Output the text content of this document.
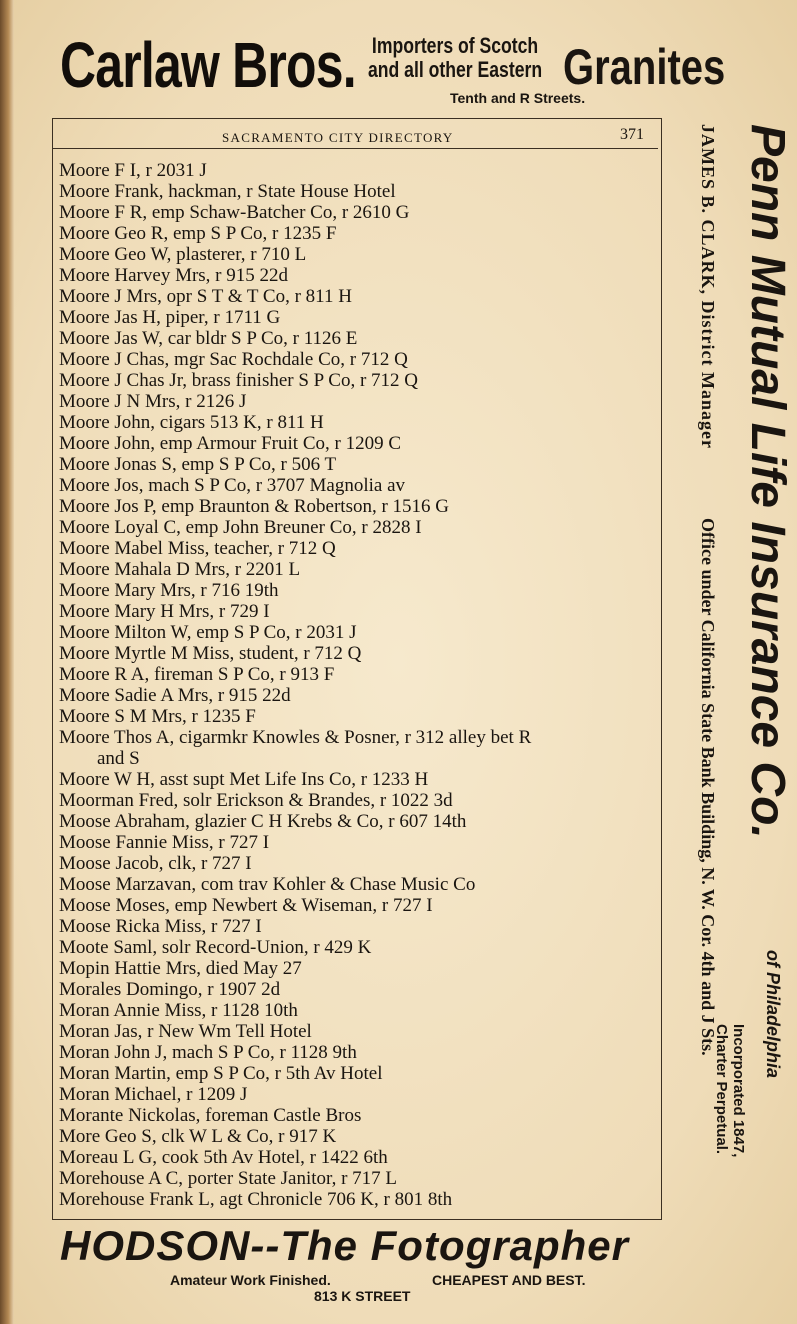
Carlaw Bros. Importers of Scotch
and all other Eastern Granites
Tenth and R Streets.
SACRAMENTO CITY DIRECTORY	371
Moore F I, r 2031 J
Moore Frank, hackman, r State House Hotel
Moore F R, emp Schaw-Batcher Co, r 2610 G
Moore Geo R, emp S P Co, r 1235 F
Moore Geo W, plasterer, r 710 L
Moore Harvey Mrs, r 915 22d
Moore J Mrs, opr S T & T Co, r 811 H
Moore Jas H, piper, r 1711 G
Moore Jas W, car bldr S P Co, r 1126 E
Moore J Chas, mgr Sac Rochdale Co, r 712 Q
Moore J Chas Jr, brass finisher S P Co, r 712 Q
Moore J N Mrs, r 2126 J
Moore John, cigars 513 K, r 811 H
Moore John, emp Armour Fruit Co, r 1209 C
Moore Jonas S, emp S P Co, r 506 T
Moore Jos, mach S P Co, r 3707 Magnolia av
Moore Jos P, emp Braunton & Robertson, r 1516 G
Moore Loyal C, emp John Breuner Co, r 2828 I
Moore Mabel Miss, teacher, r 712 Q
Moore Mahala D Mrs, r 2201 L
Moore Mary Mrs, r 716 19th
Moore Mary H Mrs, r 729 I
Moore Milton W, emp S P Co, r 2031 J
Moore Myrtle M Miss, student, r 712 Q
Moore R A, fireman S P Co, r 913 F
Moore Sadie A Mrs, r 915 22d
Moore S M Mrs, r 1235 F
Moore Thos A, cigarmkr Knowles & Posner, r 312 alley bet R
and S
Moore W H, asst supt Met Life Ins Co, r 1233 H
Moorman Fred, solr Erickson & Brandes, r 1022 3d
Moose Abraham, glazier C H Krebs & Co, r 607 14th
Moose Fannie Miss, r 727 I
Moose Jacob, clk, r 727 I
Moose Marzavan, com trav Kohler & Chase Music Co
Moose Moses, emp Newbert & Wiseman, r 727 I
Moose Ricka Miss, r 727 I
Moote Saml, solr Record-Union, r 429 K
Mopin Hattie Mrs, died May 27
Morales Domingo, r 1907 2d
Moran Annie Miss, r 1128 10th
Moran Jas, r New Wm Tell Hotel
Moran John J, mach S P Co, r 1128 9th
Moran Martin, emp S P Co, r 5th Av Hotel
Moran Michael, r 1209 J
Morante Nickolas, foreman Castle Bros
More Geo S, clk W L & Co, r 917 K
Moreau L G, cook 5th Av Hotel, r 1422 6th
Morehouse A C, porter State Janitor, r 717 L
Morehouse Frank L, agt Chronicle 706 K, r 801 8th
JAMES B. CLARK, District Manager
Office under California State Bank Building, N. W. Cor. 4th and J Sts. Penn Mutual Life Insurance Co.
of Philadelphia
Incorporated 1847,
Charter Perpetual.
HODSON--The Fotographer
Amateur Work Finished.	CHEAPEST AND BEST.
813 K STREET
